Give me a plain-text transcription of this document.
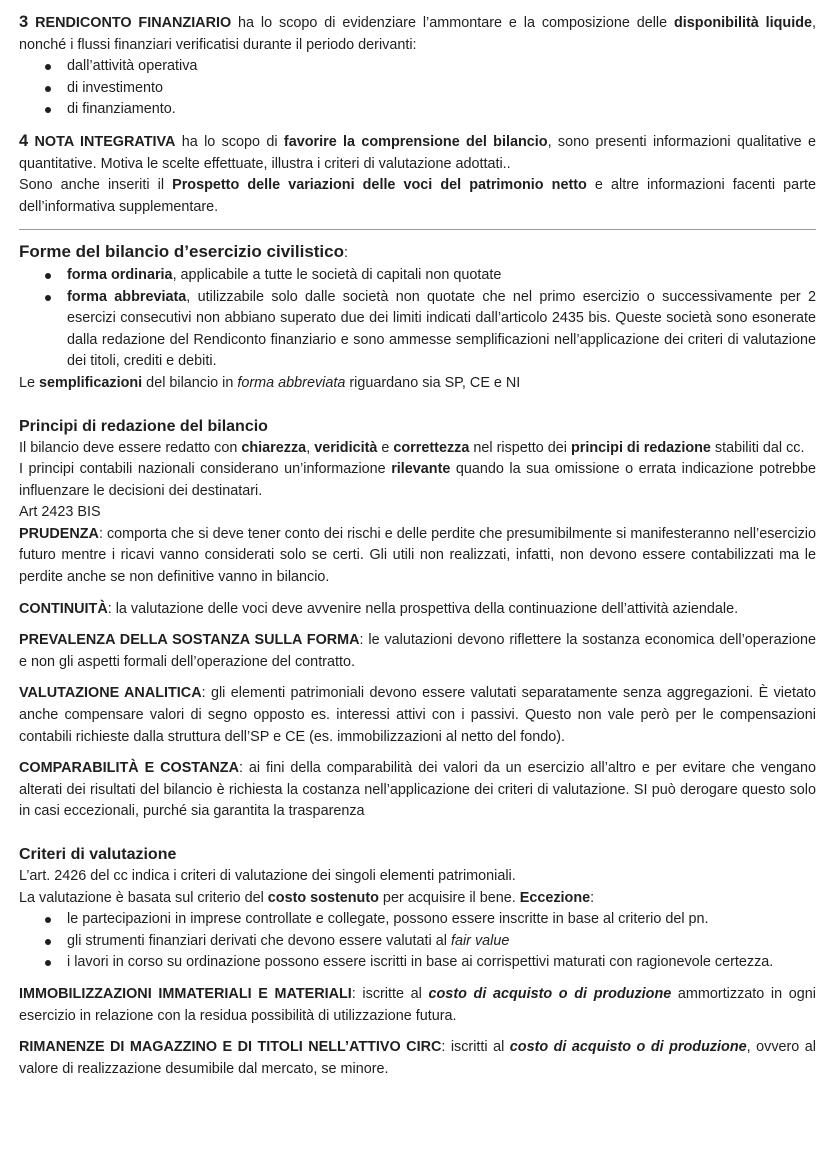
3 RENDICONTO FINANZIARIO ha lo scopo di evidenziare l’ammontare e la composizione delle disponibilità liquide, nonché i flussi finanziari verificatisi durante il periodo derivanti:

dall’attività operativa
di investimento
di finanziamento.

4 NOTA INTEGRATIVA ha lo scopo di favorire la comprensione del bilancio, sono presenti informazioni qualitative e quantitative. Motiva le scelte effettuate, illustra i criteri di valutazione adottati..

Sono anche inseriti il Prospetto delle variazioni delle voci del patrimonio netto e altre informazioni facenti parte dell’informativa supplementare.

Forme del bilancio d’esercizio civilistico:

forma ordinaria, applicabile a tutte le società di capitali non quotate
forma abbreviata, utilizzabile solo dalle società non quotate che nel primo esercizio o successivamente per 2 esercizi consecutivi non abbiano superato due dei limiti indicati dall’articolo 2435 bis. Queste società sono esonerate dalla redazione del Rendiconto finanziario e sono ammesse semplificazioni nell’applicazione dei criteri di valutazione dei titoli, crediti e debiti.

Le semplificazioni del bilancio in forma abbreviata riguardano sia SP, CE e NI

Principi di redazione del bilancio

Il bilancio deve essere redatto con chiarezza, veridicità e correttezza nel rispetto dei principi di redazione stabiliti dal cc.

I principi contabili nazionali considerano un’informazione rilevante quando la sua omissione o errata indicazione potrebbe influenzare le decisioni dei destinatari.

Art 2423 BIS

PRUDENZA: comporta che si deve tener conto dei rischi e delle perdite che presumibilmente si manifesteranno nell’esercizio futuro mentre i ricavi vanno considerati solo se certi. Gli utili non realizzati, infatti, non devono essere contabilizzati ma le perdite anche se non definitive vanno in bilancio.

CONTINUITÀ: la valutazione delle voci deve avvenire nella prospettiva della continuazione dell’attività aziendale.

PREVALENZA DELLA SOSTANZA SULLA FORMA: le valutazioni devono riflettere la sostanza economica dell’operazione e non gli aspetti formali dell’operazione del contratto.

VALUTAZIONE ANALITICA: gli elementi patrimoniali devono essere valutati separatamente senza aggregazioni. È vietato anche compensare valori di segno opposto es. interessi attivi con i passivi. Questo non vale però per le compensazioni contabili richieste dalla struttura dell’SP e CE (es. immobilizzazioni al netto del fondo).

COMPARABILITÀ E COSTANZA: ai fini della comparabilità dei valori da un esercizio all’altro e per evitare che vengano alterati dei risultati del bilancio è richiesta la costanza nell’applicazione dei criteri di valutazione. SI può derogare questo solo in casi eccezionali, purché sia garantita la trasparenza

Criteri di valutazione

L’art. 2426 del cc indica i criteri di valutazione dei singoli elementi patrimoniali.

La valutazione è basata sul criterio del costo sostenuto per acquisire il bene. Eccezione:

le partecipazioni in imprese controllate e collegate, possono essere inscritte in base al criterio del pn.
gli strumenti finanziari derivati che devono essere valutati al fair value
i lavori in corso su ordinazione possono essere iscritti in base ai corrispettivi maturati con ragionevole certezza.

IMMOBILIZZAZIONI IMMATERIALI E MATERIALI: iscritte al costo di acquisto o di produzione ammortizzato in ogni esercizio in relazione con la residua possibilità di utilizzazione futura.

RIMANENZE DI MAGAZZINO E DI TITOLI NELL’ATTIVO CIRC: iscritti al costo di acquisto o di produzione, ovvero al valore di realizzazione desumibile dal mercato, se minore.
